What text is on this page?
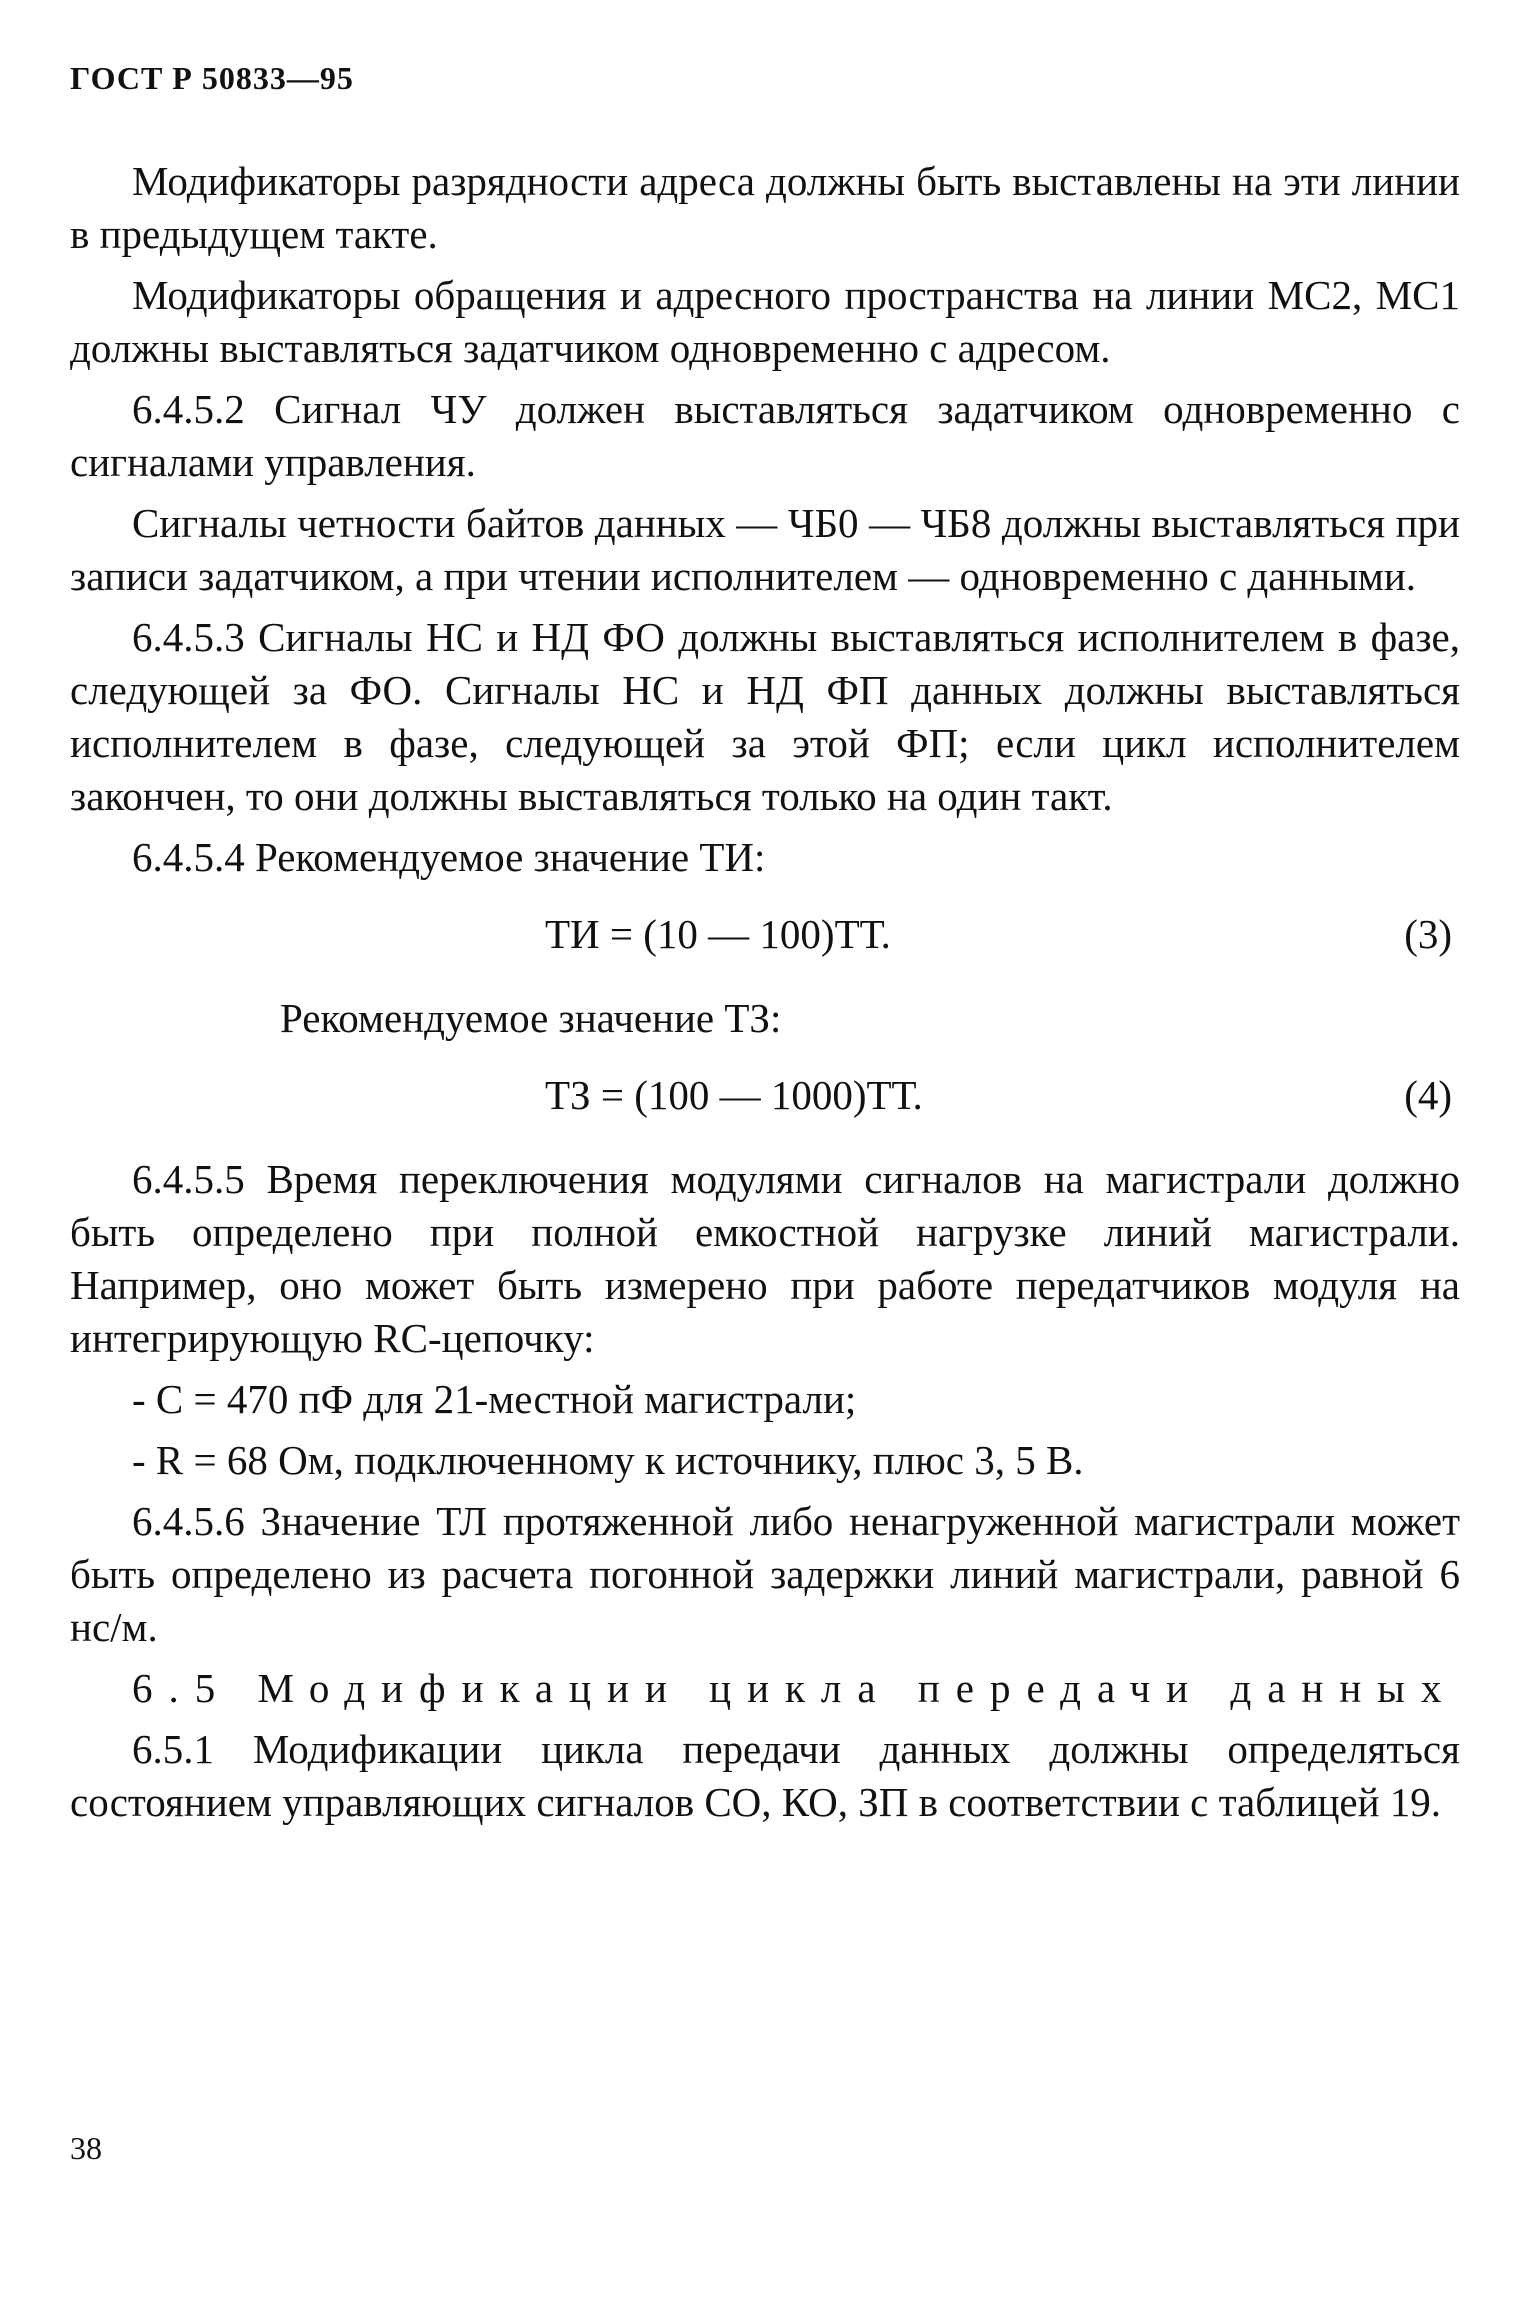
ГОСТ Р 50833—95

Модификаторы разрядности адреса должны быть выставлены на эти линии в предыдущем такте.

Модификаторы обращения и адресного пространства на линии МС2, МС1 должны выставляться задатчиком одновременно с адресом.

6.4.5.2 Сигнал ЧУ должен выставляться задатчиком одновременно с сигналами управления.

Сигналы четности байтов данных — ЧБ0 — ЧБ8 должны выставляться при записи задатчиком, а при чтении исполнителем — одновременно с данными.

6.4.5.3 Сигналы НС и НД ФО должны выставляться исполнителем в фазе, следующей за ФО. Сигналы НС и НД ФП данных должны выставляться исполнителем в фазе, следующей за этой ФП; если цикл исполнителем закончен, то они должны выставляться только на один такт.

6.4.5.4 Рекомендуемое значение ТИ:

ТИ = (10 — 100)ТТ.	(3)

Рекомендуемое значение ТЗ:

ТЗ = (100 — 1000)ТТ.	(4)

6.4.5.5 Время переключения модулями сигналов на магистрали должно быть определено при полной емкостной нагрузке линий магистрали. Например, оно может быть измерено при работе передатчиков модуля на интегрирующую RC-цепочку:

- С = 470 пФ для 21-местной магистрали;

- R = 68 Ом, подключенному к источнику, плюс 3, 5 В.

6.4.5.6 Значение ТЛ протяженной либо ненагруженной магистрали может быть определено из расчета погонной задержки линий магистрали, равной 6 нс/м.

6.5 Модификации цикла передачи данных

6.5.1 Модификации цикла передачи данных должны определяться состоянием управляющих сигналов СО, КО, ЗП в соответствии с таблицей 19.

38
